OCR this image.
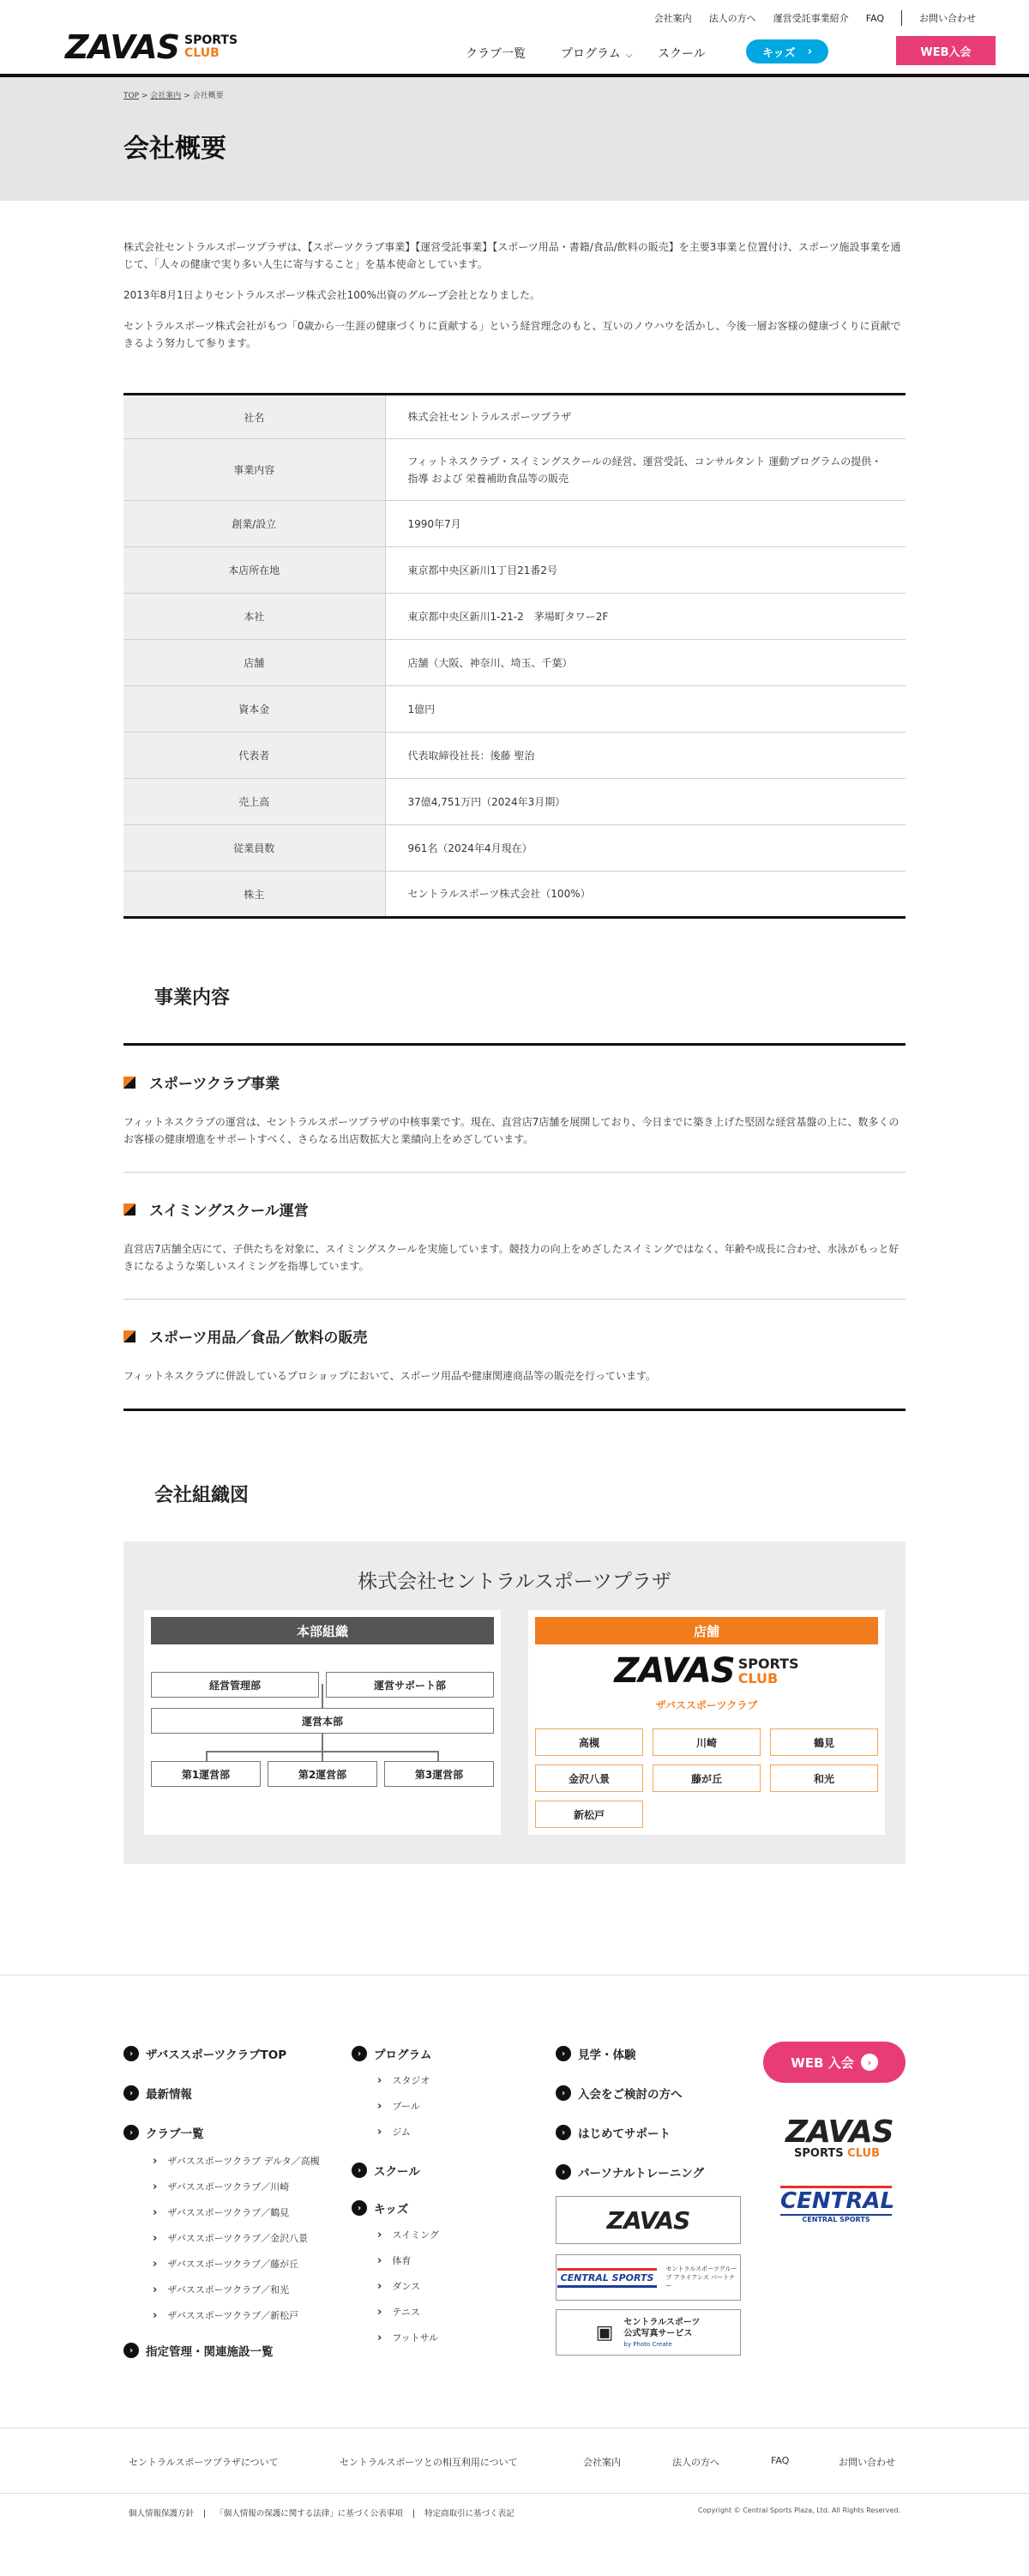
ZAVAS SPORTS
CLUB
会社案内 法人の方へ 運営受託事業紹介 FAQ	お問い合わせ
クラブ一覧	プログラム ⌵ スクール	キッズ ›	WEB入会
TOP > 会社案内 > 会社概要
会社概要

株式会社セントラルスポーツプラザは、【スポーツクラブ事業】【運営受託事業】【スポーツ用品・書籍/食品/飲料の販売】を主要3事業と位置付け、スポーツ施設事業を通じて、「人々の健康で実り多い人生に寄与すること」を基本使命としています。

2013年8月1日よりセントラルスポーツ株式会社100%出資のグループ会社となりました。

セントラルスポーツ株式会社がもつ「0歳から一生涯の健康づくりに貢献する」という経営理念のもと、互いのノウハウを活かし、今後一層お客様の健康づくりに貢献できるよう努力して参ります。

社名	株式会社セントラルスポーツプラザ
事業内容	フィットネスクラブ・スイミングスクールの経営、運営受託、コンサルタント 運動プログラムの提供・指導 および 栄養補助食品等の販売
創業/設立	1990年7月
本店所在地	東京都中央区新川1丁目21番2号
本社	東京都中央区新川1-21-2　茅場町タワー2F
店舗	店舗（大阪、神奈川、埼玉、千葉）
資本金	1億円
代表者	代表取締役社長：後藤 聖治
売上高	37億4,751万円（2024年3月期）
従業員数	961名（2024年4月現在）
株主	セントラルスポーツ株式会社（100%）
事業内容
スポーツクラブ事業

フィットネスクラブの運営は、セントラルスポーツプラザの中核事業です。現在、直営店7店舗を展開しており、今日までに築き上げた堅固な経営基盤の上に、数多くのお客様の健康増進をサポートすべく、さらなる出店数拡大と業績向上をめざしています。

スイミングスクール運営

直営店7店舗全店にて、子供たちを対象に、スイミングスクールを実施しています。競技力の向上をめざしたスイミングではなく、年齢や成長に合わせ、水泳がもっと好きになるような楽しいスイミングを指導しています。

スポーツ用品／食品／飲料の販売

フィットネスクラブに併設しているプロショップにおいて、スポーツ用品や健康関連商品等の販売を行っています。

会社組織図
株式会社セントラルスポーツプラザ
本部組織
経営管理部	運営サポート部
運営本部
第1運営部	第2運営部	第3運営部
店舗
ZAVAS SPORTS
CLUB
ザバススポーツクラブ
高槻	川崎	鶴見
金沢八景	藤が丘	和光
新松戸
›	ザバススポーツクラブTOP
›	最新情報
›	クラブ一覧
› ザバススポーツクラブ デルタ／高槻
› ザバススポーツクラブ／川崎
› ザバススポーツクラブ／鶴見
› ザバススポーツクラブ／金沢八景
› ザバススポーツクラブ／藤が丘
› ザバススポーツクラブ／和光
› ザバススポーツクラブ／新松戸
›	指定管理・関連施設一覧
›	プログラム
› スタジオ
› プール
› ジム
›	スクール
›	キッズ
› スイミング
› 体育
› ダンス
› テニス
› フットサル
›	見学・体験
›	入会をご検討の方へ
›	はじめてサポート
›	パーソナルトレーニング
ZAVAS
CENTRAL SPORTS
セントラルスポーツグループ アライアンス パートナー
▣ セントラルスポーツ公式写真サービス
by Photo Create
WEB 入会	›
ZAVAS
SPORTS CLUB
CENTRAL
CENTRAL SPORTS
セントラルスポーツプラザについて	セントラルスポーツとの相互利用について	会社案内	法人の方へ	FAQ	お問い合わせ
個人情報保護方針 | 「個人情報の保護に関する法律」に基づく公表事項 | 特定商取引に基づく表記	Copyright © Central Sports Plaza, Ltd. All Rights Reserved.
